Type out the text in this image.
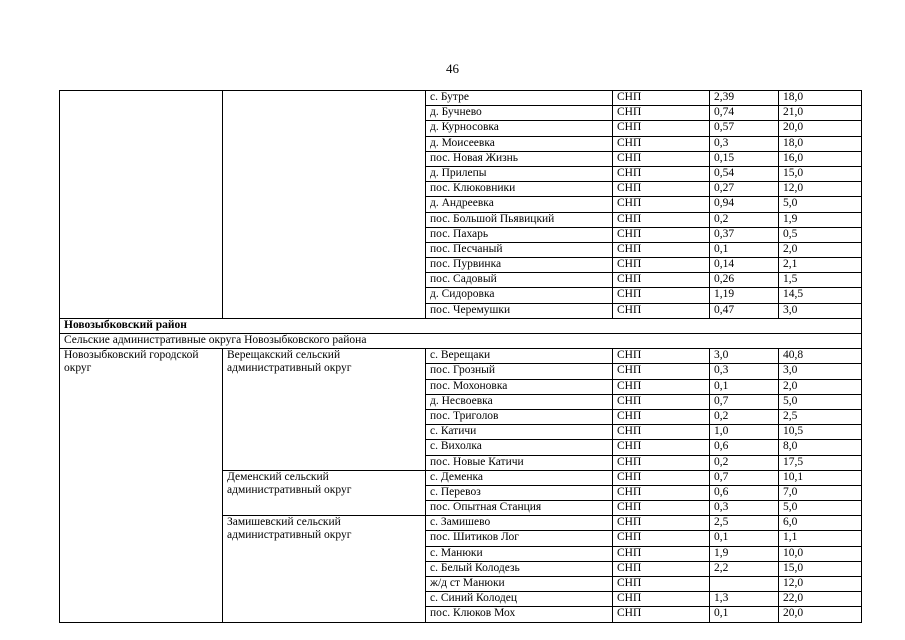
46
		с. Бутре	СНП	2,39	18,0
		д. Бучнево	СНП	0,74	21,0
		д. Курносовка	СНП	0,57	20,0
		д. Моисеевка	СНП	0,3	18,0
		пос. Новая Жизнь	СНП	0,15	16,0
		д. Прилепы	СНП	0,54	15,0
		пос. Клюковники	СНП	0,27	12,0
		д. Андреевка	СНП	0,94	5,0
		пос. Большой Пьявицкий	СНП	0,2	1,9
		пос. Пахарь	СНП	0,37	0,5
		пос. Песчаный	СНП	0,1	2,0
		пос. Пурвинка	СНП	0,14	2,1
		пос. Садовый	СНП	0,26	1,5
		д. Сидоровка	СНП	1,19	14,5
		пос. Черемушки	СНП	0,47	3,0
Новозыбковский район					
Сельские административные округа Новозыбковского района					
Новозыбковский городской округ	Верещакский сельский административный округ	с. Верещаки	СНП	3,0	40,8
		пос. Грозный	СНП	0,3	3,0
		пос. Мохоновка	СНП	0,1	2,0
		д. Несвоевка	СНП	0,7	5,0
		пос. Триголов	СНП	0,2	2,5
		с. Катичи	СНП	1,0	10,5
		с. Вихолка	СНП	0,6	8,0
		пос. Новые Катичи	СНП	0,2	17,5
	Деменский сельский административный округ	с. Деменка	СНП	0,7	10,1
		с. Перевоз	СНП	0,6	7,0
		пос. Опытная Станция	СНП	0,3	5,0
	Замишевский сельский административный округ	с. Замишево	СНП	2,5	6,0
		пос. Шитиков Лог	СНП	0,1	1,1
		с. Манюки	СНП	1,9	10,0
		с. Белый Колодезь	СНП	2,2	15,0
		ж/д ст Манюки	СНП		12,0
		с. Синий Колодец	СНП	1,3	22,0
		пос. Клюков Мох	СНП	0,1	20,0
